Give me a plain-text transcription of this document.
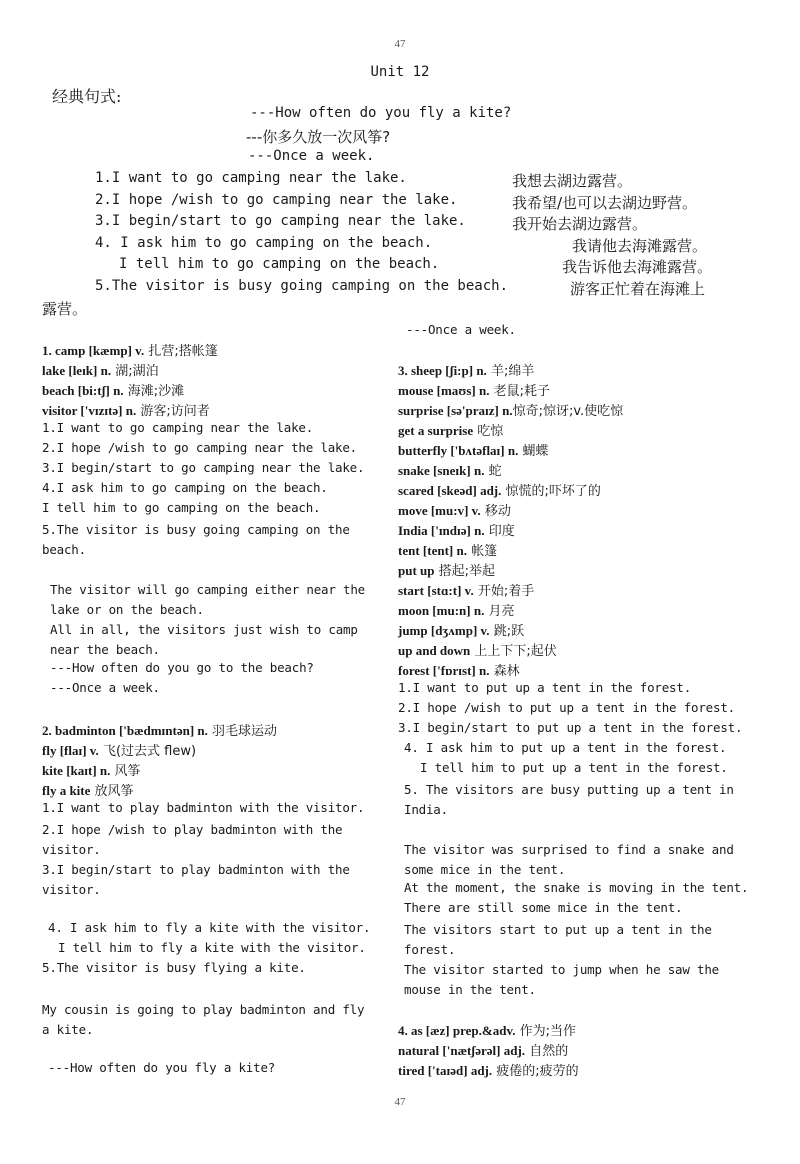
47
Unit 12
经典句式:
---How often do you fly a kite?
---你多久放一次风筝?
---Once a week.
1.I want to go camping near the lake.	我想去湖边露营。
2.I hope /wish to go camping near the lake.	我希望/也可以去湖边野营。
3.I begin/start to go camping near the lake.	我开始去湖边露营。
4. I ask him to go camping on the beach.	我请他去海滩露营。
I tell him to go camping on the beach.	我告诉他去海滩露营。
5.The visitor is busy going camping on the beach.	游客正忙着在海滩上
露营。
1. camp [kæmp] v. 扎营;搭帐篷
lake [leɪk] n. 湖;湖泊
beach [bi:tʃ] n. 海滩;沙滩
visitor ['vɪzɪtə] n. 游客;访问者
1.I want to go camping near the lake.
2.I hope /wish to go camping near the lake.
3.I begin/start to go camping near the lake.
4.I ask him to go camping on the beach.
I tell him to go camping on the beach.
5.The visitor is busy going camping on the beach.
The visitor will go camping either near the lake or on the beach.
All in all, the visitors just wish to camp near the beach.
---How often do you go to the beach?
---Once a week.
2. badminton ['bædmɪntən] n. 羽毛球运动
fly [flaɪ] v. 飞(过去式 flew)
kite [kaɪt] n. 风筝
fly a kite 放风筝
1.I want to play badminton with the visitor.
2.I hope /wish to play badminton with the visitor.
3.I begin/start to play badminton with the visitor.
4. I ask him to fly a kite with the visitor.
I tell him to fly a kite with the visitor.
5.The visitor is busy flying a kite.
My cousin is going to play badminton and fly a kite.
---How often do you fly a kite?
---Once a week.
3. sheep [ʃi:p] n. 羊;绵羊
mouse [maʊs] n. 老鼠;耗子
surprise [sə'praɪz] n.惊奇;惊讶;v.使吃惊
get a surprise 吃惊
butterfly ['bʌtəflaɪ] n. 蝴蝶
snake [sneɪk] n. 蛇
scared [skeəd] adj. 惊慌的;吓坏了的
move [mu:v] v. 移动
India ['ɪndɪə] n. 印度
tent [tent] n. 帐篷
put up 搭起;举起
start [stɑ:t] v. 开始;着手
moon [mu:n] n. 月亮
jump [dʒʌmp] v. 跳;跃
up and down 上上下下;起伏
forest ['fɒrɪst] n. 森林
1.I want to put up a tent in the forest.
2.I hope /wish to put up a tent in the forest.
3.I begin/start to put up a tent in the forest.
4. I ask him to put up a tent in the forest.
I tell him to put up a tent in the forest.
5. The visitors are busy putting up a tent in India.
The visitor was surprised to find a snake and some mice in the tent.
At the moment, the snake is moving in the tent.
There are still some mice in the tent.
The visitors start to put up a tent in the forest.
The visitor started to jump when he saw the mouse in the tent.
4. as [æz] prep.&adv. 作为;当作
natural ['nætʃərəl] adj. 自然的
tired ['taɪəd] adj. 疲倦的;疲劳的
47
